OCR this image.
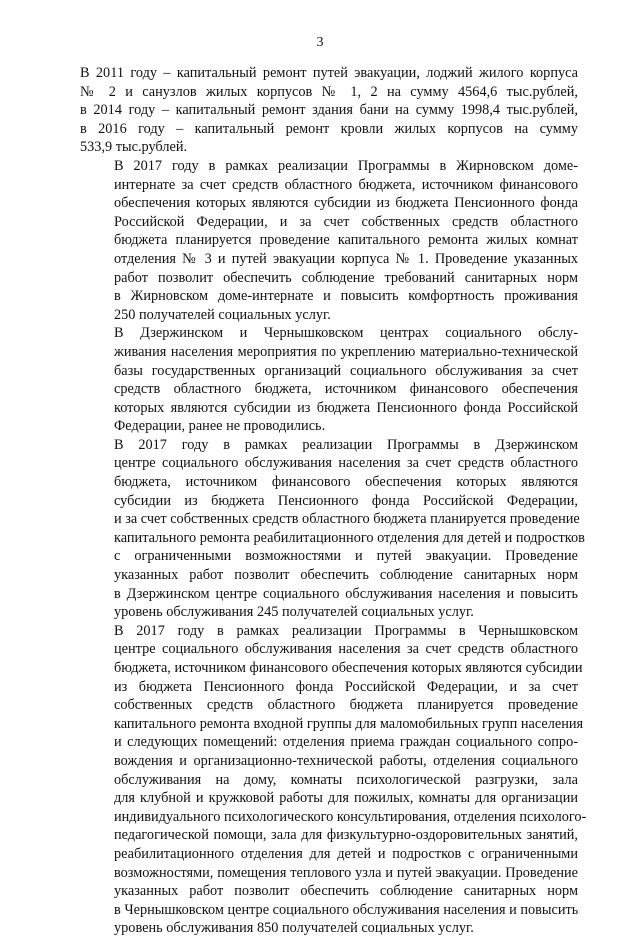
3

В 2011 году – капитальный ремонт путей эвакуации, лоджий жилого корпуса
№ 2 и санузлов жилых корпусов № 1, 2 на сумму 4564,6 тыс.рублей,
в 2014 году – капитальный ремонт здания бани на сумму 1998,4 тыс.рублей,
в 2016 году – капитальный ремонт кровли жилых корпусов на сумму
533,9 тыс.рублей.

В 2017 году в рамках реализации Программы в Жирновском доме-
интернате за счет средств областного бюджета, источником финансового
обеспечения которых являются субсидии из бюджета Пенсионного фонда
Российской Федерации, и за счет собственных средств областного
бюджета планируется проведение капитального ремонта жилых комнат
отделения № 3 и путей эвакуации корпуса № 1. Проведение указанных
работ позволит обеспечить соблюдение требований санитарных норм
в Жирновском доме-интернате и повысить комфортность проживания
250 получателей социальных услуг.

В Дзержинском и Чернышковском центрах социального обслу-
живания населения мероприятия по укреплению материально-технической
базы государственных организаций социального обслуживания за счет
средств областного бюджета, источником финансового обеспечения
которых являются субсидии из бюджета Пенсионного фонда Российской
Федерации, ранее не проводились.

В 2017 году в рамках реализации Программы в Дзержинском
центре социального обслуживания населения за счет средств областного
бюджета, источником финансового обеспечения которых являются
субсидии из бюджета Пенсионного фонда Российской Федерации,
и за счет собственных средств областного бюджета планируется проведение
капитального ремонта реабилитационного отделения для детей и подростков
с ограниченными возможностями и путей эвакуации. Проведение
указанных работ позволит обеспечить соблюдение санитарных норм
в Дзержинском центре социального обслуживания населения и повысить
уровень обслуживания 245 получателей социальных услуг.

В 2017 году в рамках реализации Программы в Чернышковском
центре социального обслуживания населения за счет средств областного
бюджета, источником финансового обеспечения которых являются субсидии
из бюджета Пенсионного фонда Российской Федерации, и за счет
собственных средств областного бюджета планируется проведение
капитального ремонта входной группы для маломобильных групп населения
и следующих помещений: отделения приема граждан социального сопро-
вождения и организационно-технической работы, отделения социального
обслуживания на дому, комнаты психологической разгрузки, зала
для клубной и кружковой работы для пожилых, комнаты для организации
индивидуального психологического консультирования, отделения психолого-
педагогической помощи, зала для физкультурно-оздоровительных занятий,
реабилитационного отделения для детей и подростков с ограниченными
возможностями, помещения теплового узла и путей эвакуации. Проведение
указанных работ позволит обеспечить соблюдение санитарных норм
в Чернышковском центре социального обслуживания населения и повысить
уровень обслуживания 850 получателей социальных услуг.
